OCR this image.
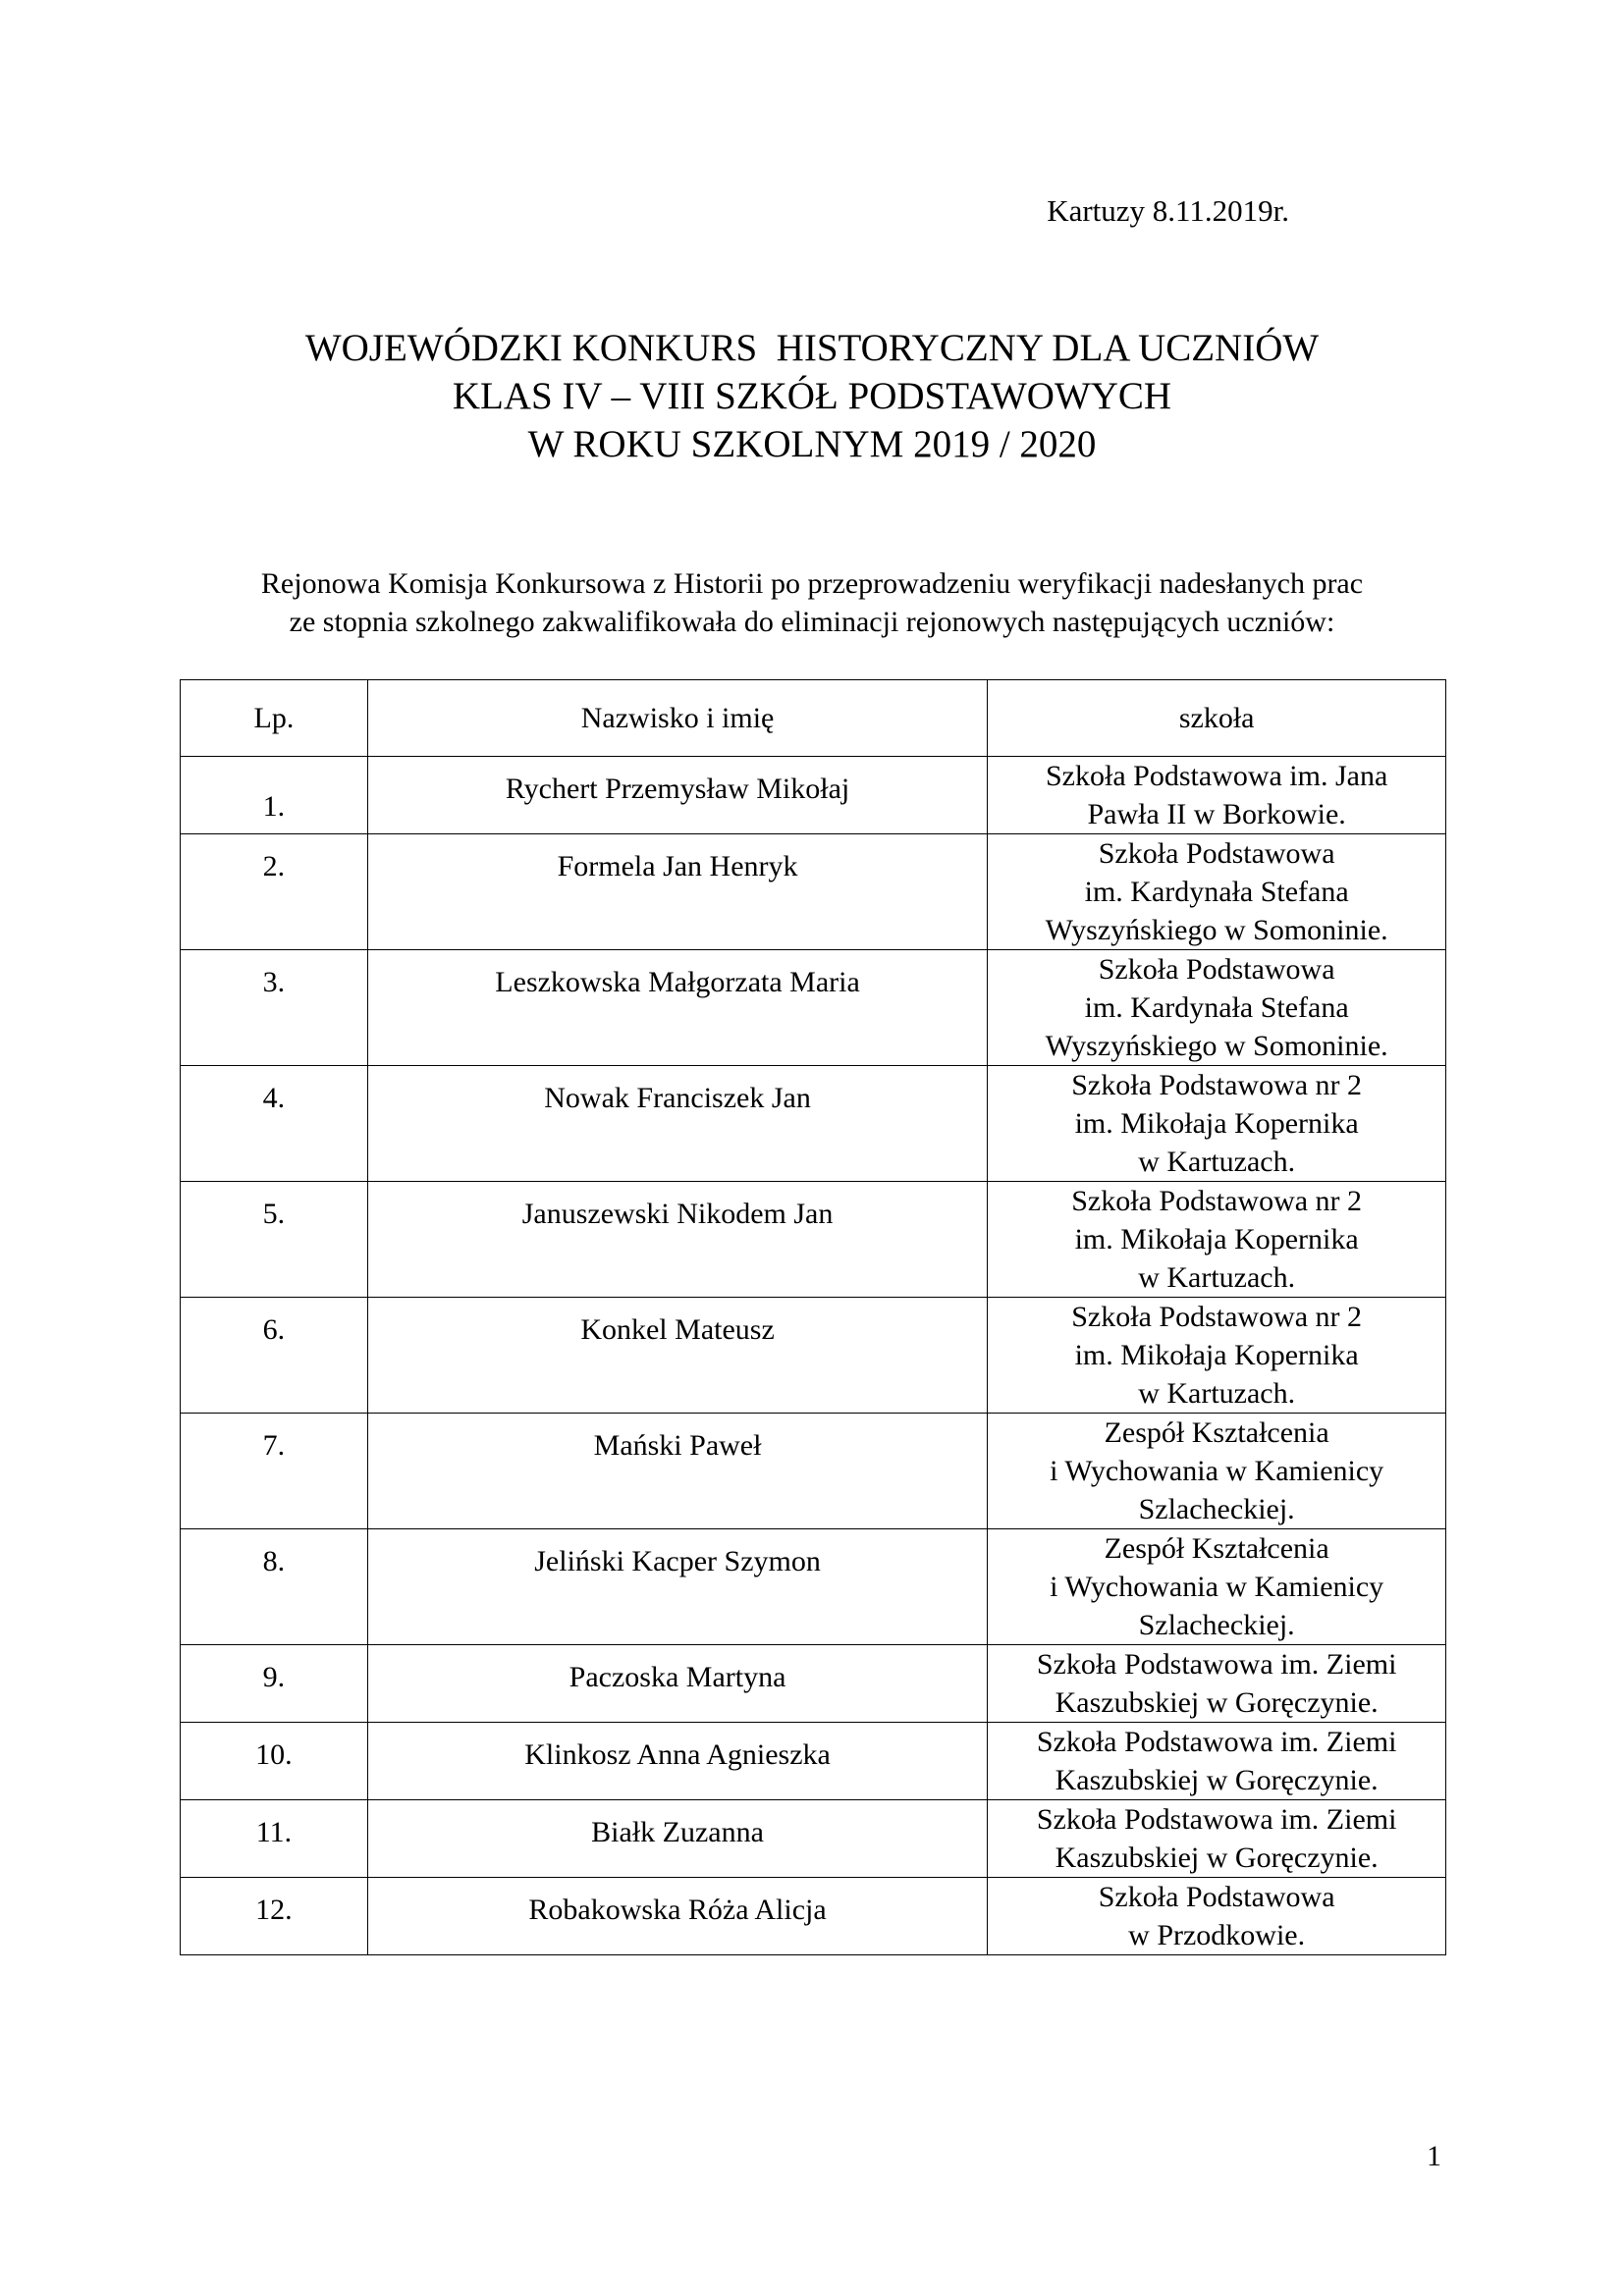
Kartuzy 8.11.2019r.
WOJEWÓDZKI KONKURS  HISTORYCZNY DLA UCZNIÓW
KLAS IV – VIII SZKÓŁ PODSTAWOWYCH
W ROKU SZKOLNYM 2019 / 2020
Rejonowa Komisja Konkursowa z Historii po przeprowadzeniu weryfikacji nadesłanych prac
ze stopnia szkolnego zakwalifikowała do eliminacji rejonowych następujących uczniów:
Lp.	Nazwisko i imię	szkoła
1.	Rychert Przemysław Mikołaj	Szkoła Podstawowa im. Jana
Pawła II w Borkowie.

2.	Formela Jan Henryk	Szkoła Podstawowa
im. Kardynała Stefana
Wyszyńskiego w Somoninie.

3.	Leszkowska Małgorzata Maria	Szkoła Podstawowa
im. Kardynała Stefana
Wyszyńskiego w Somoninie.

4.	Nowak Franciszek Jan	Szkoła Podstawowa nr 2
im. Mikołaja Kopernika
w Kartuzach.

5.	Januszewski Nikodem Jan	Szkoła Podstawowa nr 2
im. Mikołaja Kopernika
w Kartuzach.

6.	Konkel Mateusz	Szkoła Podstawowa nr 2
im. Mikołaja Kopernika
w Kartuzach.

7.	Mański Paweł	Zespół Kształcenia
i Wychowania w Kamienicy
Szlacheckiej.

8.	Jeliński Kacper Szymon	Zespół Kształcenia
i Wychowania w Kamienicy
Szlacheckiej.

9.	Paczoska Martyna	Szkoła Podstawowa im. Ziemi
Kaszubskiej w Goręczynie.

10.	Klinkosz Anna Agnieszka	Szkoła Podstawowa im. Ziemi
Kaszubskiej w Goręczynie.

11.	Białk Zuzanna	Szkoła Podstawowa im. Ziemi
Kaszubskiej w Goręczynie.

12.	Robakowska Róża Alicja	Szkoła Podstawowa
w Przodkowie.
1
